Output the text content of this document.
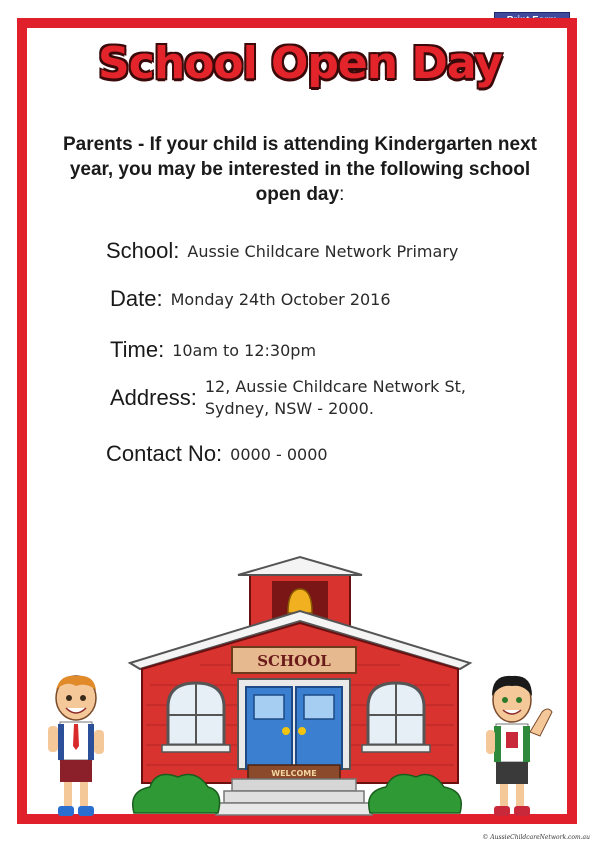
School Open Day
Parents - If your child is attending Kindergarten next year, you may be interested in the following school open day:
School: Aussie Childcare Network Primary
Date: Monday 24th October 2016
Time: 10am to 12:30pm
Address: 12, Aussie Childcare Network St,
Sydney, NSW - 2000.
Contact No: 0000 - 0000
SCHOOL
WELCOME
© AussieChildcareNetwork.com.au
